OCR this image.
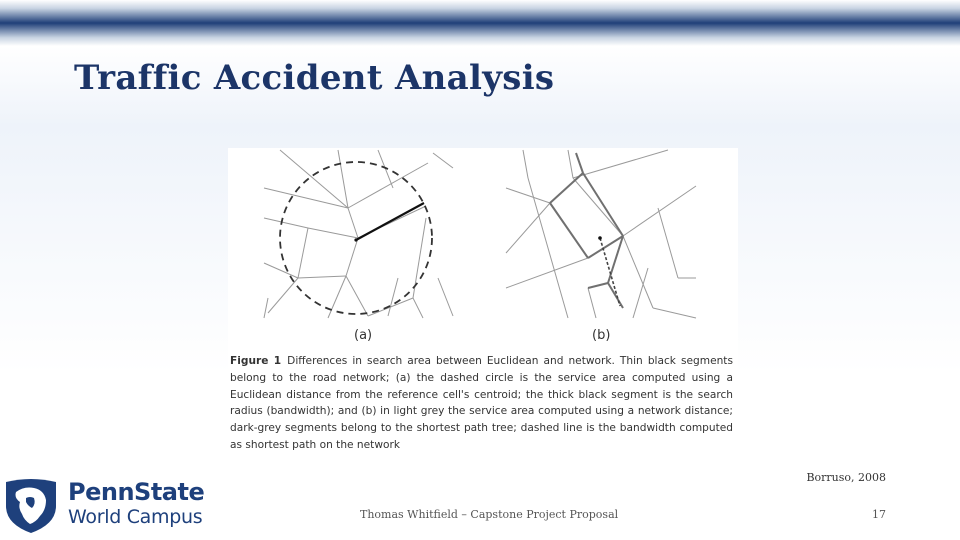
Traffic Accident Analysis
(a)	(b)

Figure 1 Differences in search area between Euclidean and network. Thin black segments belong to the road network; (a) the dashed circle is the service area computed using a Euclidean distance from the reference cell's centroid; the thick black segment is the search radius (bandwidth); and (b) in light grey the service area computed using a network distance; dark-grey segments belong to the shortest path tree; dashed line is the bandwidth computed as shortest path on the network

Borruso, 2008
PennState
World Campus	Thomas Whitfield – Capstone Project Proposal	17
